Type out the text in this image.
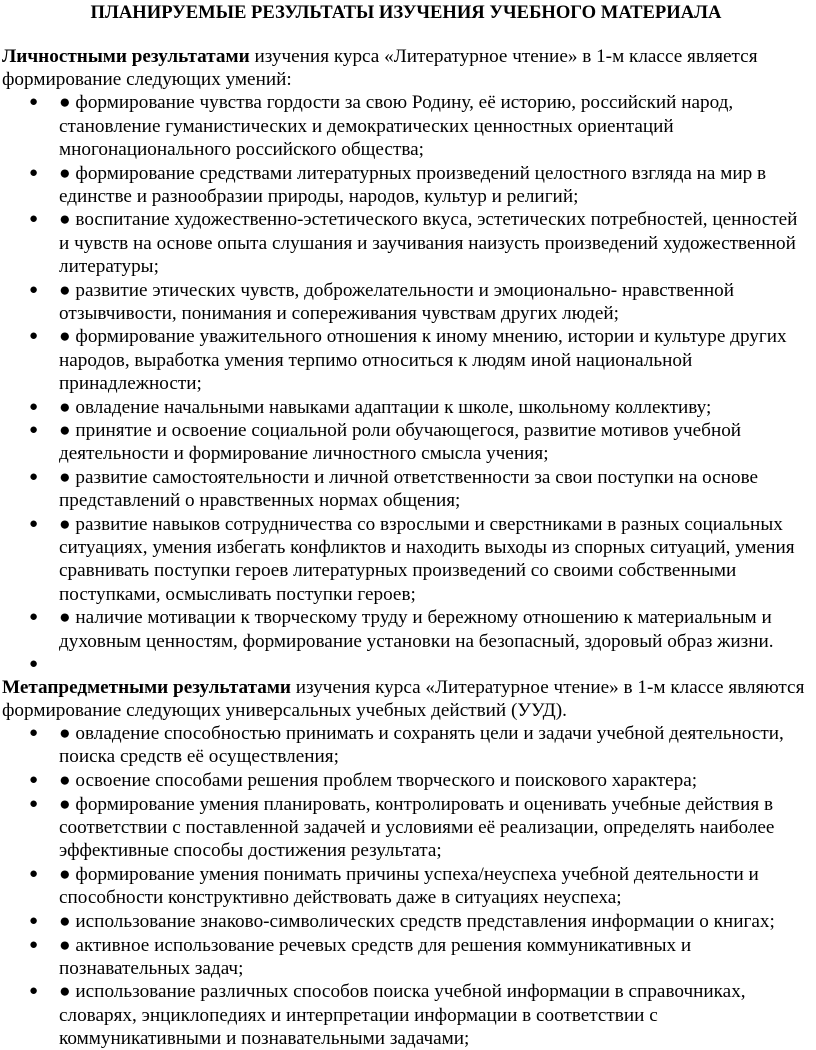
ПЛАНИРУЕМЫЕ РЕЗУЛЬТАТЫ ИЗУЧЕНИЯ УЧЕБНОГО МАТЕРИАЛА

Личностными результатами изучения курса «Литературное чтение» в 1-м классе является формирование следующих умений:

● ● формирование чувства гордости за свою Родину, её историю, российский народ, становление гуманистических и демократических ценностных ориентаций многонационального российского общества;
● ● формирование средствами литературных произведений целостного взгляда на мир в единстве и разнообразии природы, народов, культур и религий;
● ● воспитание художественно-эстетического вкуса, эстетических потребностей, ценностей и чувств на основе опыта слушания и заучивания наизусть произведений художественной литературы;
● ● развитие этических чувств, доброжелательности и эмоционально- нравственной отзывчивости, понимания и сопереживания чувствам других людей;
● ● формирование уважительного отношения к иному мнению, истории и культуре других народов, выработка умения терпимо относиться к людям иной национальной принадлежности;
● ● овладение начальными навыками адаптации к школе, школьному коллективу;
● ● принятие и освоение социальной роли обучающегося, развитие мотивов учебной деятельности и формирование личностного смысла учения;
● ● развитие самостоятельности и личной ответственности за свои поступки на основе представлений о нравственных нормах общения;
● ● развитие навыков сотрудничества со взрослыми и сверстниками в разных социальных ситуациях, умения избегать конфликтов и находить выходы из спорных ситуаций, умения сравнивать поступки героев литературных произведений со своими собственными поступками, осмысливать поступки героев;
● ● наличие мотивации к творческому труду и бережному отношению к материальным и духовным ценностям, формирование установки на безопасный, здоровый образ жизни.
●

Метапредметными результатами изучения курса «Литературное чтение» в 1-м классе являются формирование следующих универсальных учебных действий (УУД).

● ● овладение способностью принимать и сохранять цели и задачи учебной деятельности, поиска средств её осуществления;
● ● освоение способами решения проблем творческого и поискового характера;
● ● формирование умения планировать, контролировать и оценивать учебные действия в соответствии с поставленной задачей и условиями её реализации, определять наиболее эффективные способы достижения результата;
● ● формирование умения понимать причины успеха/неуспеха учебной деятельности и способности конструктивно действовать даже в ситуациях неуспеха;
● ● использование знаково-символических средств представления информации о книгах;
● ● активное использование речевых средств для решения коммуникативных и познавательных задач;
● ● использование различных способов поиска учебной информации в справочниках, словарях, энциклопедиях и интерпретации информации в соответствии с коммуникативными и познавательными задачами;
